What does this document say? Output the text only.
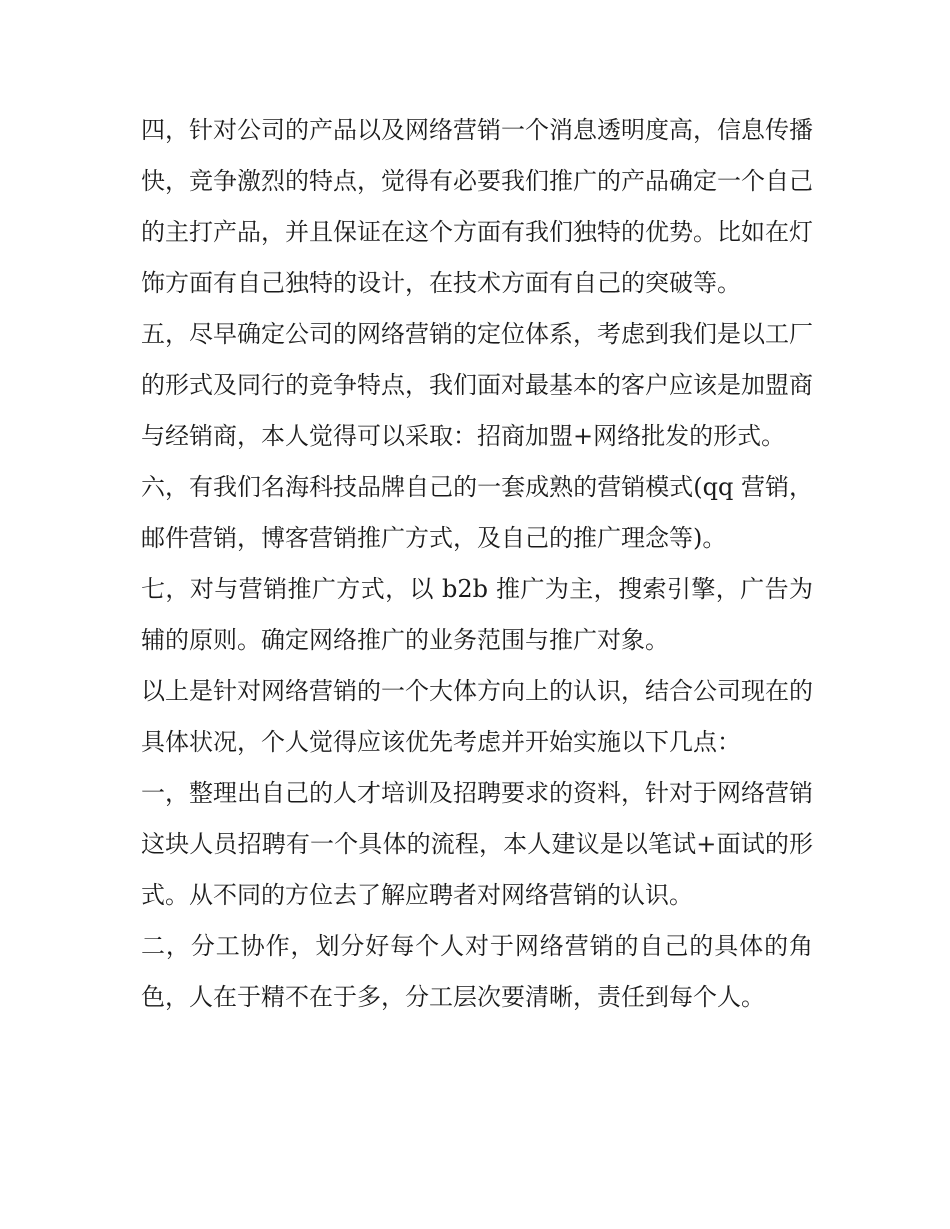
四，针对公司的产品以及网络营销一个消息透明度高，信息传播快，竞争激烈的特点，觉得有必要我们推广的产品确定一个自己的主打产品，并且保证在这个方面有我们独特的优势。比如在灯饰方面有自己独特的设计，在技术方面有自己的突破等。

五，尽早确定公司的网络营销的定位体系，考虑到我们是以工厂的形式及同行的竞争特点，我们面对最基本的客户应该是加盟商与经销商，本人觉得可以采取：招商加盟+网络批发的形式。

六，有我们名海科技品牌自己的一套成熟的营销模式(qq 营销，邮件营销，博客营销推广方式，及自己的推广理念等)。

七，对与营销推广方式，以 b2b 推广为主，搜索引擎，广告为辅的原则。确定网络推广的业务范围与推广对象。

以上是针对网络营销的一个大体方向上的认识，结合公司现在的具体状况，个人觉得应该优先考虑并开始实施以下几点：

一，整理出自己的人才培训及招聘要求的资料，针对于网络营销这块人员招聘有一个具体的流程，本人建议是以笔试+面试的形式。从不同的方位去了解应聘者对网络营销的认识。

二，分工协作，划分好每个人对于网络营销的自己的具体的角色，人在于精不在于多，分工层次要清晰，责任到每个人。
